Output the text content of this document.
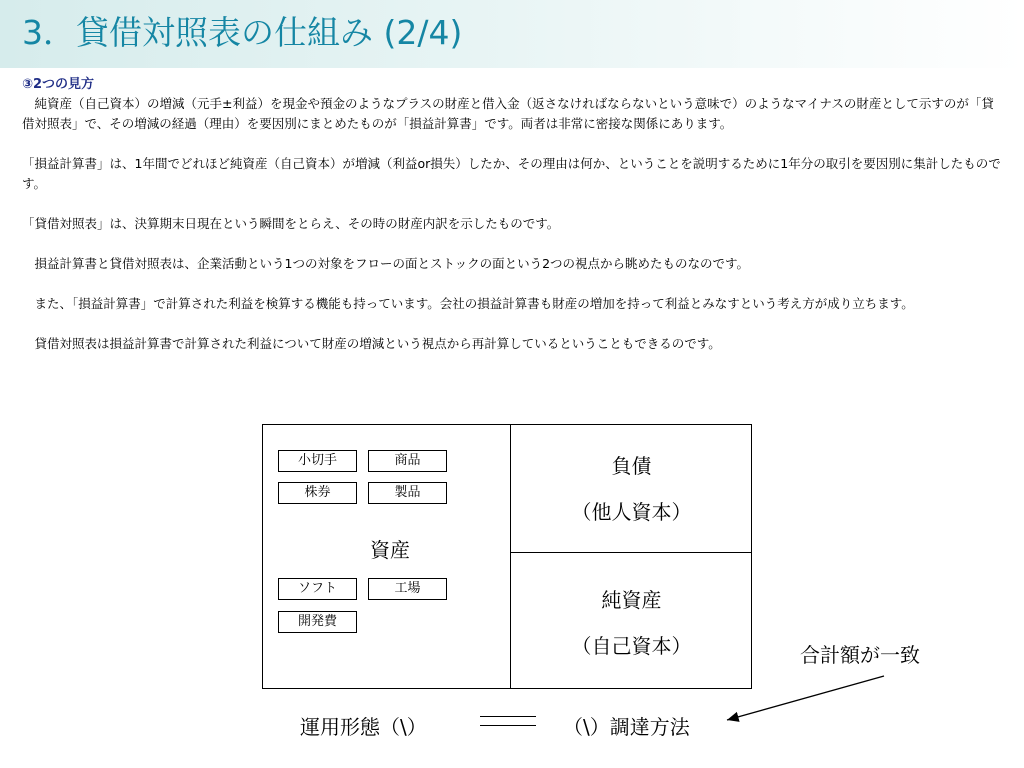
3．貸借対照表の仕組み (2/4)
③2つの見方

　純資産（自己資本）の増減（元手±利益）を現金や預金のようなプラスの財産と借入金（返さなければならないという意味で）のようなマイナスの財産として示すのが「貸借対照表」で、その増減の経過（理由）を要因別にまとめたものが「損益計算書」です。両者は非常に密接な関係にあります。

「損益計算書」は、1年間でどれほど純資産（自己資本）が増減（利益or損失）したか、その理由は何か、ということを説明するために1年分の取引を要因別に集計したものです。

「貸借対照表」は、決算期末日現在という瞬間をとらえ、その時の財産内訳を示したものです。

　損益計算書と貸借対照表は、企業活動という1つの対象をフローの面とストックの面という2つの視点から眺めたものなのです。

　また、「損益計算書」で計算された利益を検算する機能も持っています。会社の損益計算書も財産の増加を持って利益とみなすという考え方が成り立ちます。

　貸借対照表は損益計算書で計算された利益について財産の増減という視点から再計算しているということもできるのです。

小切手	商品
株券	製品
ソフト	工場
開発費
資産
負債
（他人資本）
純資産
（自己資本）	合計額が一致
運用形態（\）	（\）調達方法
